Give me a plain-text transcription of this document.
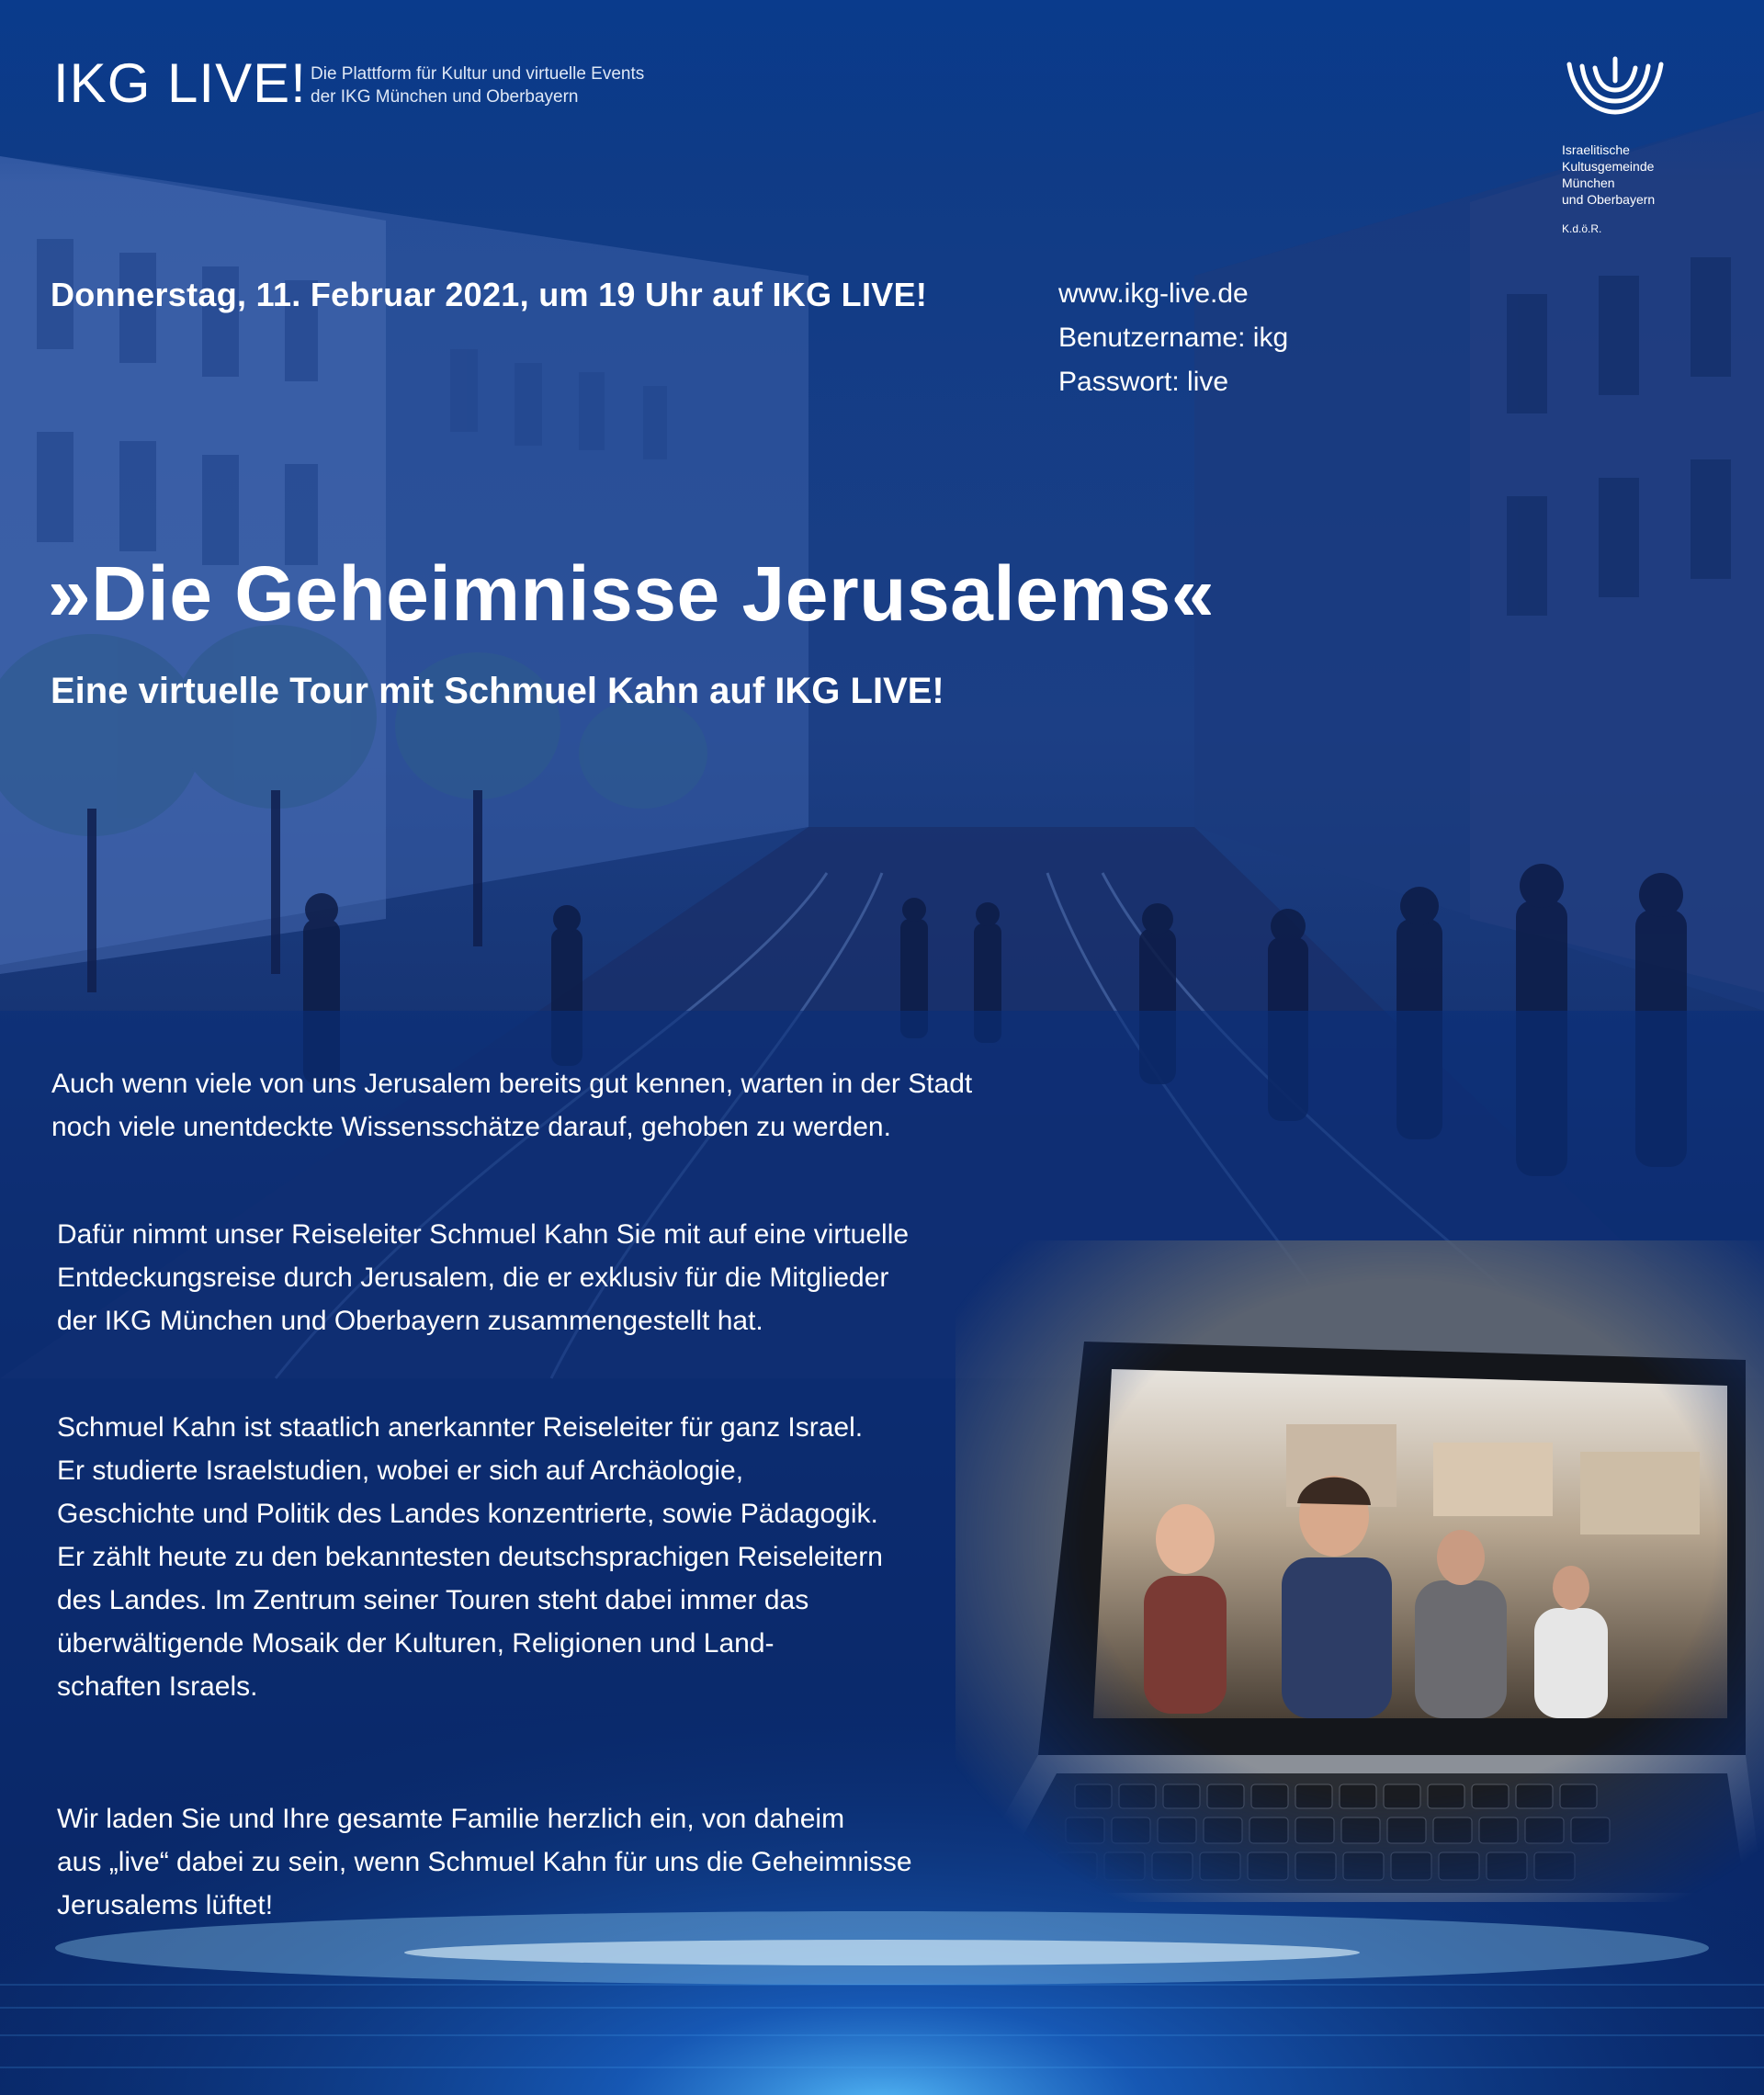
IKG LIVE! Die Plattform für Kultur und virtuelle Events
der IKG München und Oberbayern
Israelitische
Kultusgemeinde
München
und Oberbayern
K.d.ö.R.
Donnerstag, 11. Februar 2021, um 19 Uhr auf IKG LIVE!	www.ikg-live.de
Benutzername: ikg
Passwort: live
»Die Geheimnisse Jerusalems«
Eine virtuelle Tour mit Schmuel Kahn auf IKG LIVE!
Auch wenn viele von uns Jerusalem bereits gut kennen, warten in der Stadt
noch viele unentdeckte Wissensschätze darauf, gehoben zu werden.
Dafür nimmt unser Reiseleiter Schmuel Kahn Sie mit auf eine virtuelle
Entdeckungsreise durch Jerusalem, die er exklusiv für die Mitglieder
der IKG München und Oberbayern zusammengestellt hat.
Schmuel Kahn ist staatlich anerkannter Reiseleiter für ganz Israel.
Er studierte Israelstudien, wobei er sich auf Archäologie,
Geschichte und Politik des Landes konzentrierte, sowie Pädagogik.
Er zählt heute zu den bekanntesten deutschsprachigen Reiseleitern
des Landes. Im Zentrum seiner Touren steht dabei immer das
überwältigende Mosaik der Kulturen, Religionen und Land-
schaften Israels.
Wir laden Sie und Ihre gesamte Familie herzlich ein, von daheim
aus „live“ dabei zu sein, wenn Schmuel Kahn für uns die Geheimnisse
Jerusalems lüftet!
